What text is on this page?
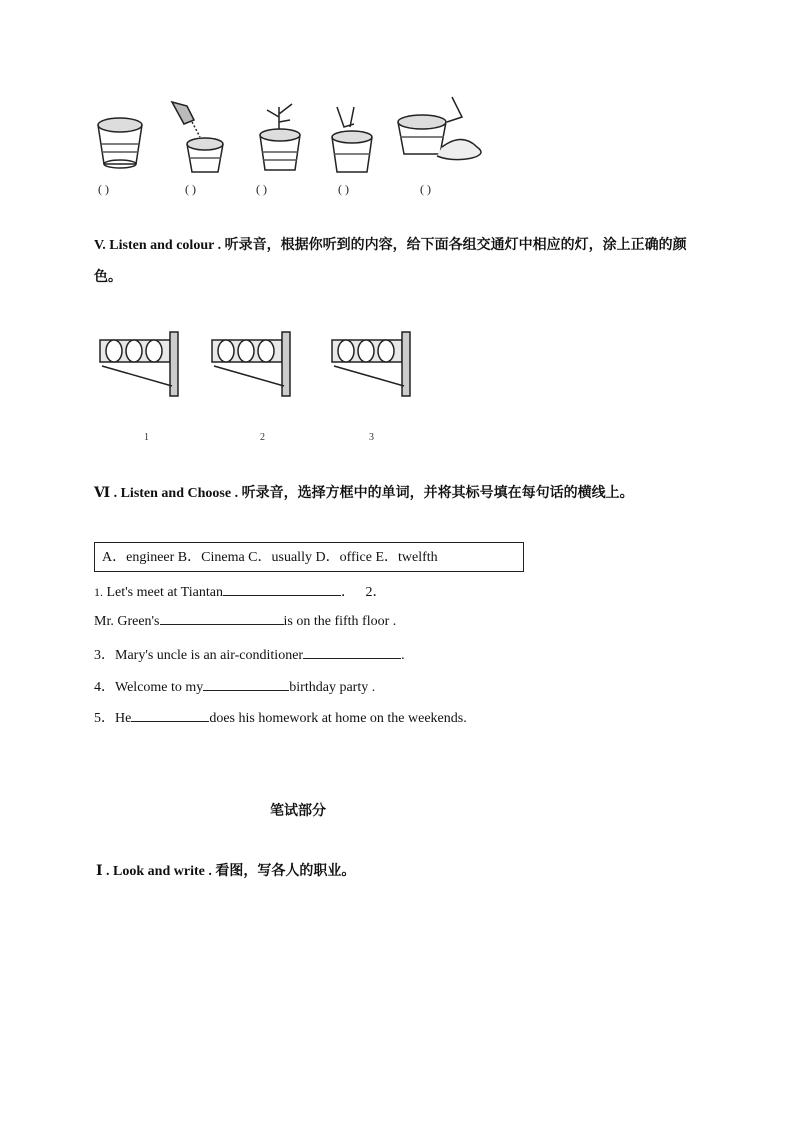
( )	( )	( )	( )	( )
V. Listen and colour . 听录音，根据你听到的内容，给下面各组交通灯中相应的灯，涂上正确的颜
色。
1	2	3
Ⅵ . Listen and Choose . 听录音，选择方框中的单词，并将其标号填在每句话的横线上。
A．engineer B．Cinema C．usually D．office E．twelfth
1. Let's meet at Tiantan	． 2．
Mr. Green's	is on the fifth floor .
3．Mary's uncle is an air-conditioner	.
4．Welcome to my	birthday party .
5．He	does his homework at home on the weekends.
笔试部分
Ⅰ . Look and write . 看图，写各人的职业。
